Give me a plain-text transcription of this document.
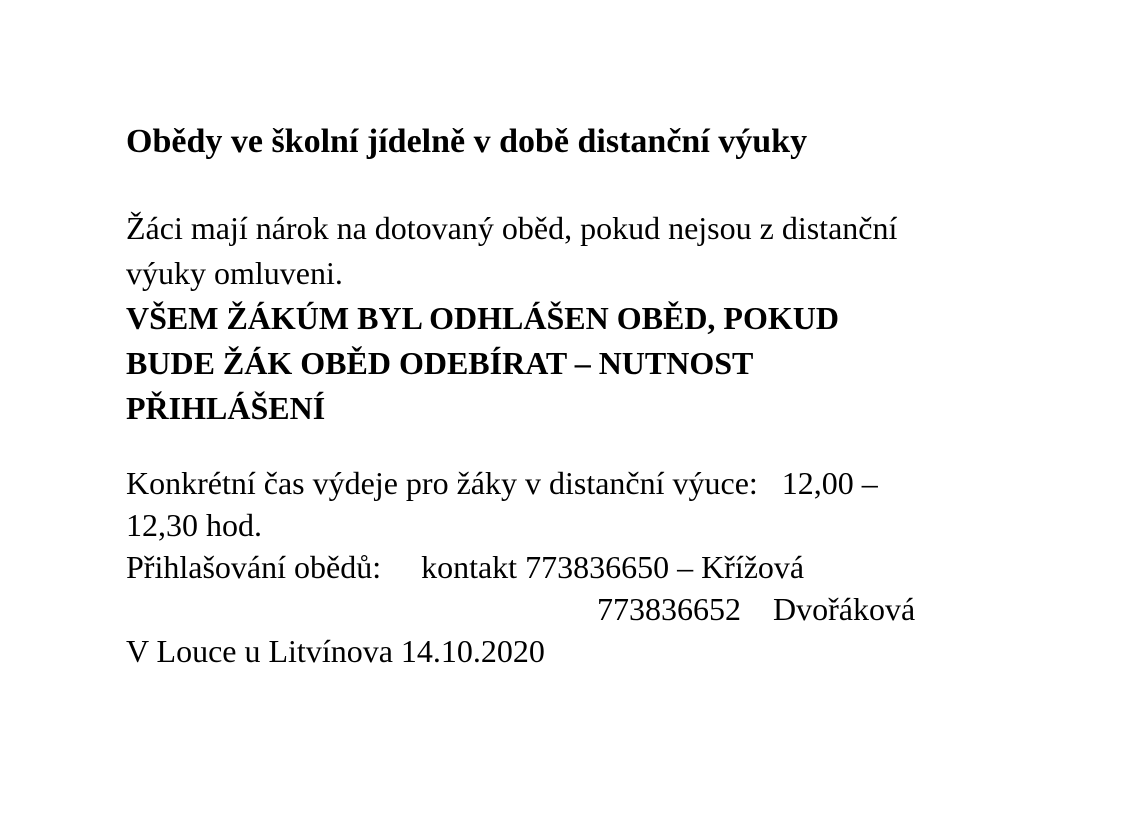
Obědy ve školní jídelně v době distanční výuky
Žáci mají nárok na dotovaný oběd, pokud nejsou z distanční
výuky omluveni.
VŠEM ŽÁKÚM BYL ODHLÁŠEN OBĚD, POKUD
BUDE ŽÁK OBĚD ODEBÍRAT – NUTNOST
PŘIHLÁŠENÍ
Konkrétní čas výdeje pro žáky v distanční výuce:   12,00 –
12,30 hod.
Přihlašování obědů:     kontakt 773836650 – Křížová
773836652    Dvořáková
V Louce u Litvínova 14.10.2020
